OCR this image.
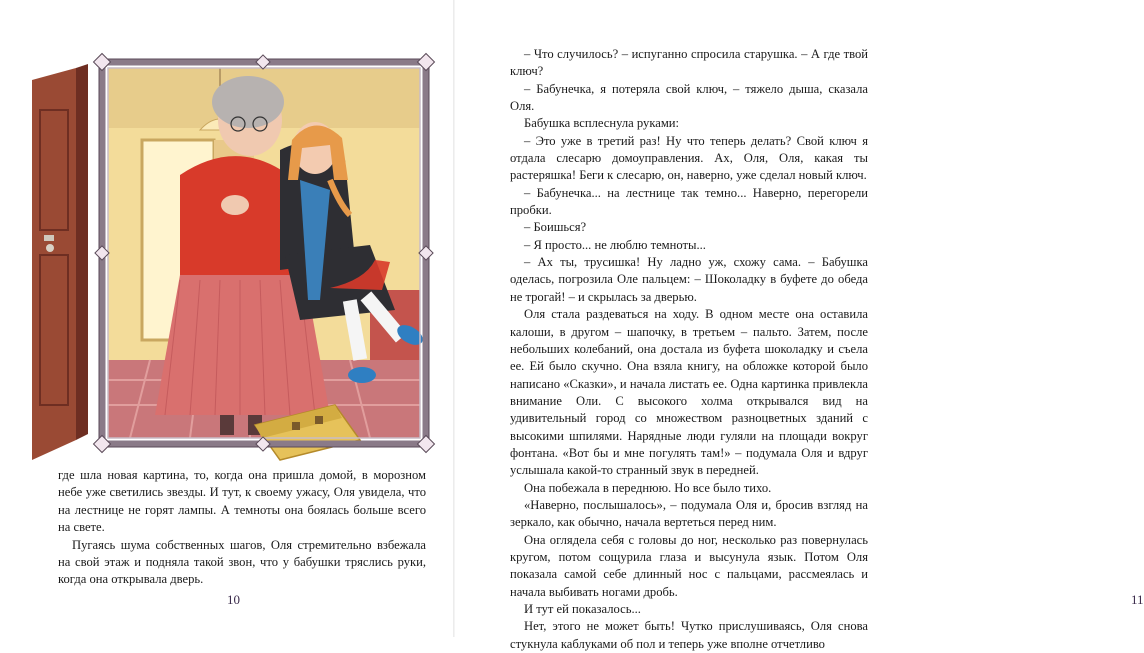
где шла новая картина, то, когда она пришла домой, в морозном небе уже светились звезды. И тут, к своему ужасу, Оля увидела, что на лестнице не горят лампы. А темноты она боялась больше всего на свете.

Пугаясь шума собственных шагов, Оля стремительно взбежала на свой этаж и подняла такой звон, что у бабушки тряслись руки, когда она открывала дверь.

10

– Что случилось? – испуганно спросила старушка. – А где твой ключ?

– Бабунечка, я потеряла свой ключ, – тяжело дыша, сказала Оля.

Бабушка всплеснула руками:

– Это уже в третий раз! Ну что теперь делать? Свой ключ я отдала слесарю домоуправления. Ах, Оля, Оля, какая ты растеряшка! Беги к слесарю, он, наверно, уже сделал новый ключ.

– Бабунечка... на лестнице так темно... Наверно, перегорели пробки.

– Боишься?

– Я просто... не люблю темноты...

– Ах ты, трусишка! Ну ладно уж, схожу сама. – Бабушка оделась, погрозила Оле пальцем: – Шоколадку в буфете до обеда не трогай! – и скрылась за дверью.

Оля стала раздеваться на ходу. В одном месте она оставила калоши, в другом – шапочку, в третьем – пальто. Затем, после небольших колебаний, она достала из буфета шоколадку и съела ее. Ей было скучно. Она взяла книгу, на обложке которой было написано «Сказки», и начала листать ее. Одна картинка привлекла внимание Оли. С высокого холма открывался вид на удивительный город со множеством разноцветных зданий с высокими шпилями. Нарядные люди гуляли на площади вокруг фонтана. «Вот бы и мне погулять там!» – подумала Оля и вдруг услышала какой-то странный звук в передней.

Она побежала в переднюю. Но все было тихо.

«Наверно, послышалось», – подумала Оля и, бросив взгляд на зеркало, как обычно, начала вертеться перед ним.

Она оглядела себя с головы до ног, несколько раз повернулась кругом, потом сощурила глаза и высунула язык. Потом Оля показала самой себе длинный нос с пальцами, рассмеялась и начала выбивать ногами дробь.

И тут ей показалось...

Нет, этого не может быть! Чутко прислушиваясь, Оля снова стукнула каблуками об пол и теперь уже вполне отчетливо

11
